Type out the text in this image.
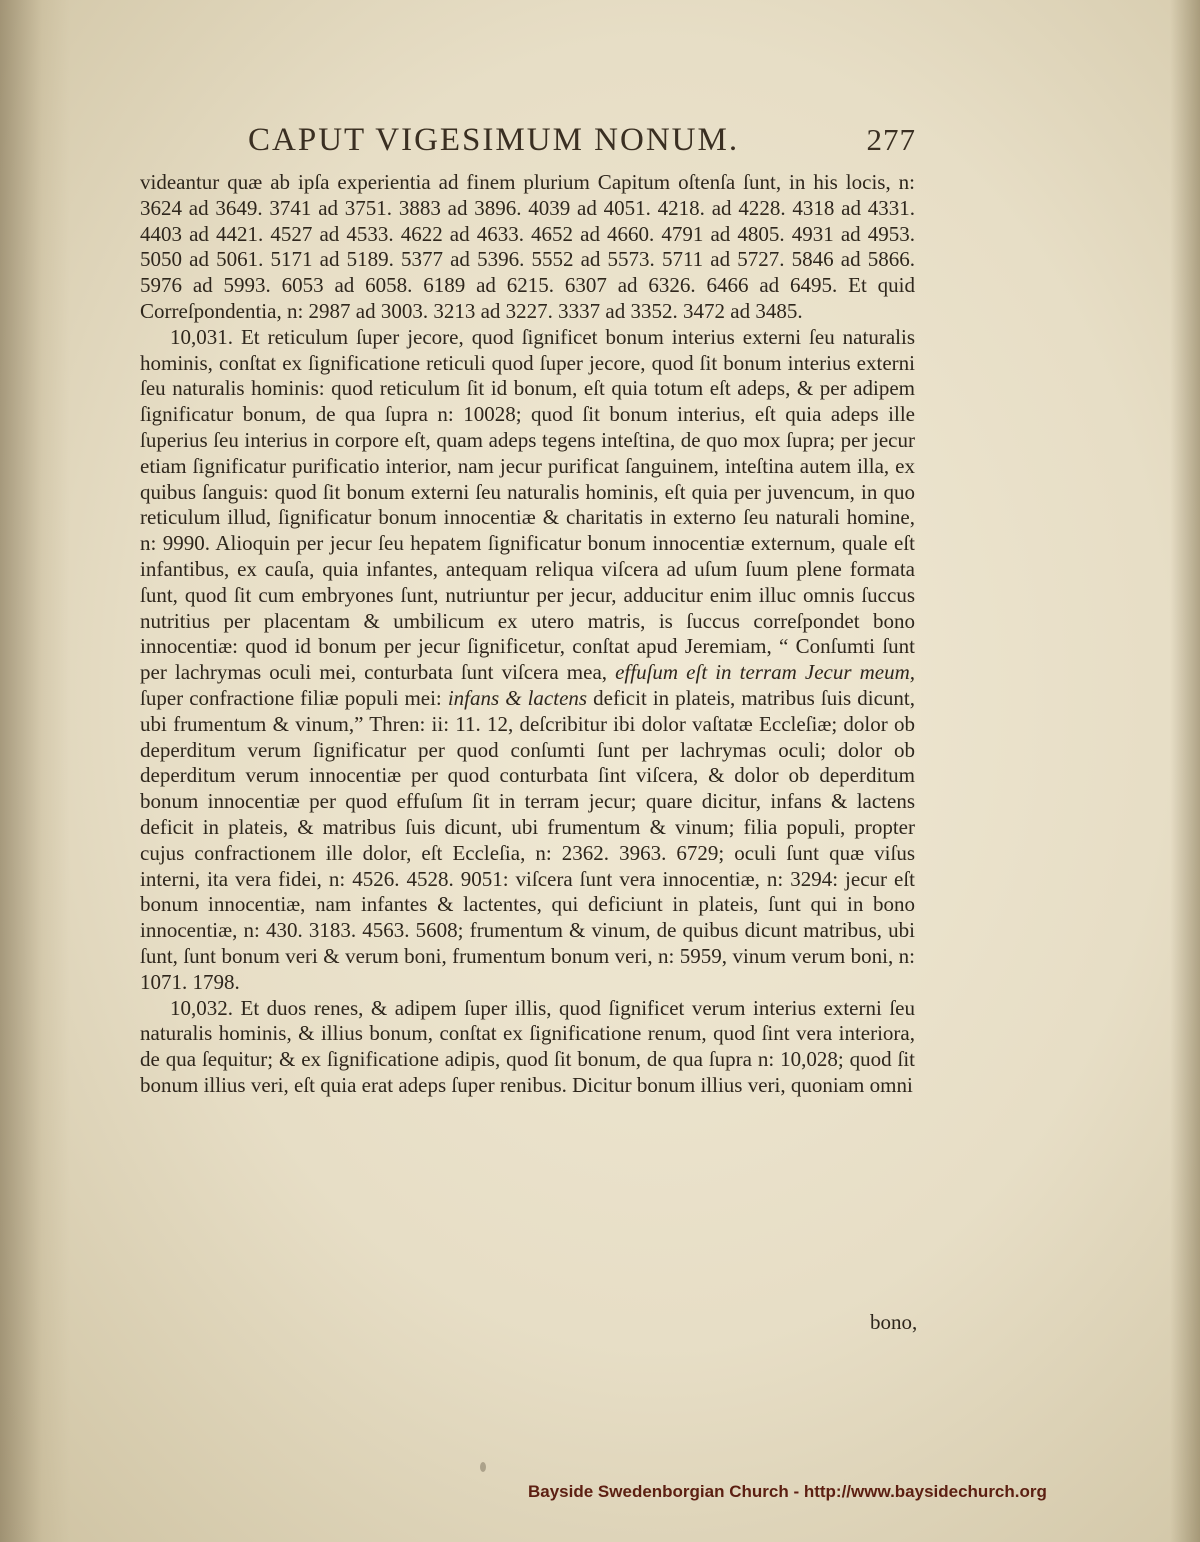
CAPUT VIGESIMUM NONUM.	277

videantur quæ ab ipſa experientia ad finem plurium Capitum oſtenſa ſunt, in his locis, n: 3624 ad 3649. 3741 ad 3751. 3883 ad 3896. 4039 ad 4051. 4218. ad 4228. 4318 ad 4331. 4403 ad 4421. 4527 ad 4533. 4622 ad 4633. 4652 ad 4660. 4791 ad 4805. 4931 ad 4953. 5050 ad 5061. 5171 ad 5189. 5377 ad 5396. 5552 ad 5573. 5711 ad 5727. 5846 ad 5866. 5976 ad 5993. 6053 ad 6058. 6189 ad 6215. 6307 ad 6326. 6466 ad 6495. Et quid Correſpondentia, n: 2987 ad 3003. 3213 ad 3227. 3337 ad 3352. 3472 ad 3485.

10,031. Et reticulum ſuper jecore, quod ſignificet bonum interius externi ſeu naturalis hominis, conſtat ex ſignificatione reticuli quod ſuper jecore, quod ſit bonum interius externi ſeu naturalis hominis: quod reticulum ſit id bonum, eſt quia totum eſt adeps, & per adipem ſignificatur bonum, de qua ſupra n: 10028; quod ſit bonum interius, eſt quia adeps ille ſuperius ſeu interius in corpore eſt, quam adeps tegens inteſtina, de quo mox ſupra; per jecur etiam ſignificatur purificatio interior, nam jecur purificat ſanguinem, inteſtina autem illa, ex quibus ſanguis: quod ſit bonum externi ſeu naturalis hominis, eſt quia per juvencum, in quo reticulum illud, ſignificatur bonum innocentiæ & charitatis in externo ſeu naturali homine, n: 9990. Alioquin per jecur ſeu hepatem ſignificatur bonum innocentiæ externum, quale eſt infantibus, ex cauſa, quia infantes, antequam reliqua viſcera ad uſum ſuum plene formata ſunt, quod ſit cum embryones ſunt, nutriuntur per jecur, adducitur enim illuc omnis ſuccus nutritius per placentam & umbilicum ex utero matris, is ſuccus correſpondet bono innocentiæ: quod id bonum per jecur ſignificetur, conſtat apud Jeremiam, “ Conſumti ſunt per lachrymas oculi mei, conturbata ſunt viſcera mea, effuſum eſt in terram Jecur meum, ſuper confractione filiæ populi mei: infans & lactens deficit in plateis, matribus ſuis dicunt, ubi frumentum & vinum,” Thren: ii: 11. 12, deſcribitur ibi dolor vaſtatæ Eccleſiæ; dolor ob deperditum verum ſignificatur per quod conſumti ſunt per lachrymas oculi; dolor ob deperditum verum innocentiæ per quod conturbata ſint viſcera, & dolor ob deperditum bonum innocentiæ per quod effuſum ſit in terram jecur; quare dicitur, infans & lactens deficit in plateis, & matribus ſuis dicunt, ubi frumentum & vinum; filia populi, propter cujus confractionem ille dolor, eſt Eccleſia, n: 2362. 3963. 6729; oculi ſunt quæ viſus interni, ita vera fidei, n: 4526. 4528. 9051: viſcera ſunt vera innocentiæ, n: 3294: jecur eſt bonum innocentiæ, nam infantes & lactentes, qui deficiunt in plateis, ſunt qui in bono innocentiæ, n: 430. 3183. 4563. 5608; frumentum & vinum, de quibus dicunt matribus, ubi ſunt, ſunt bonum veri & verum boni, frumentum bonum veri, n: 5959, vinum verum boni, n: 1071. 1798.

10,032. Et duos renes, & adipem ſuper illis, quod ſignificet verum interius externi ſeu naturalis hominis, & illius bonum, conſtat ex ſignificatione renum, quod ſint vera interiora, de qua ſequitur; & ex ſignificatione adipis, quod ſit bonum, de qua ſupra n: 10,028; quod ſit bonum illius veri, eſt quia erat adeps ſuper renibus. Dicitur bonum illius veri, quoniam omni

bono,
Bayside Swedenborgian Church - http://www.baysidechurch.org
